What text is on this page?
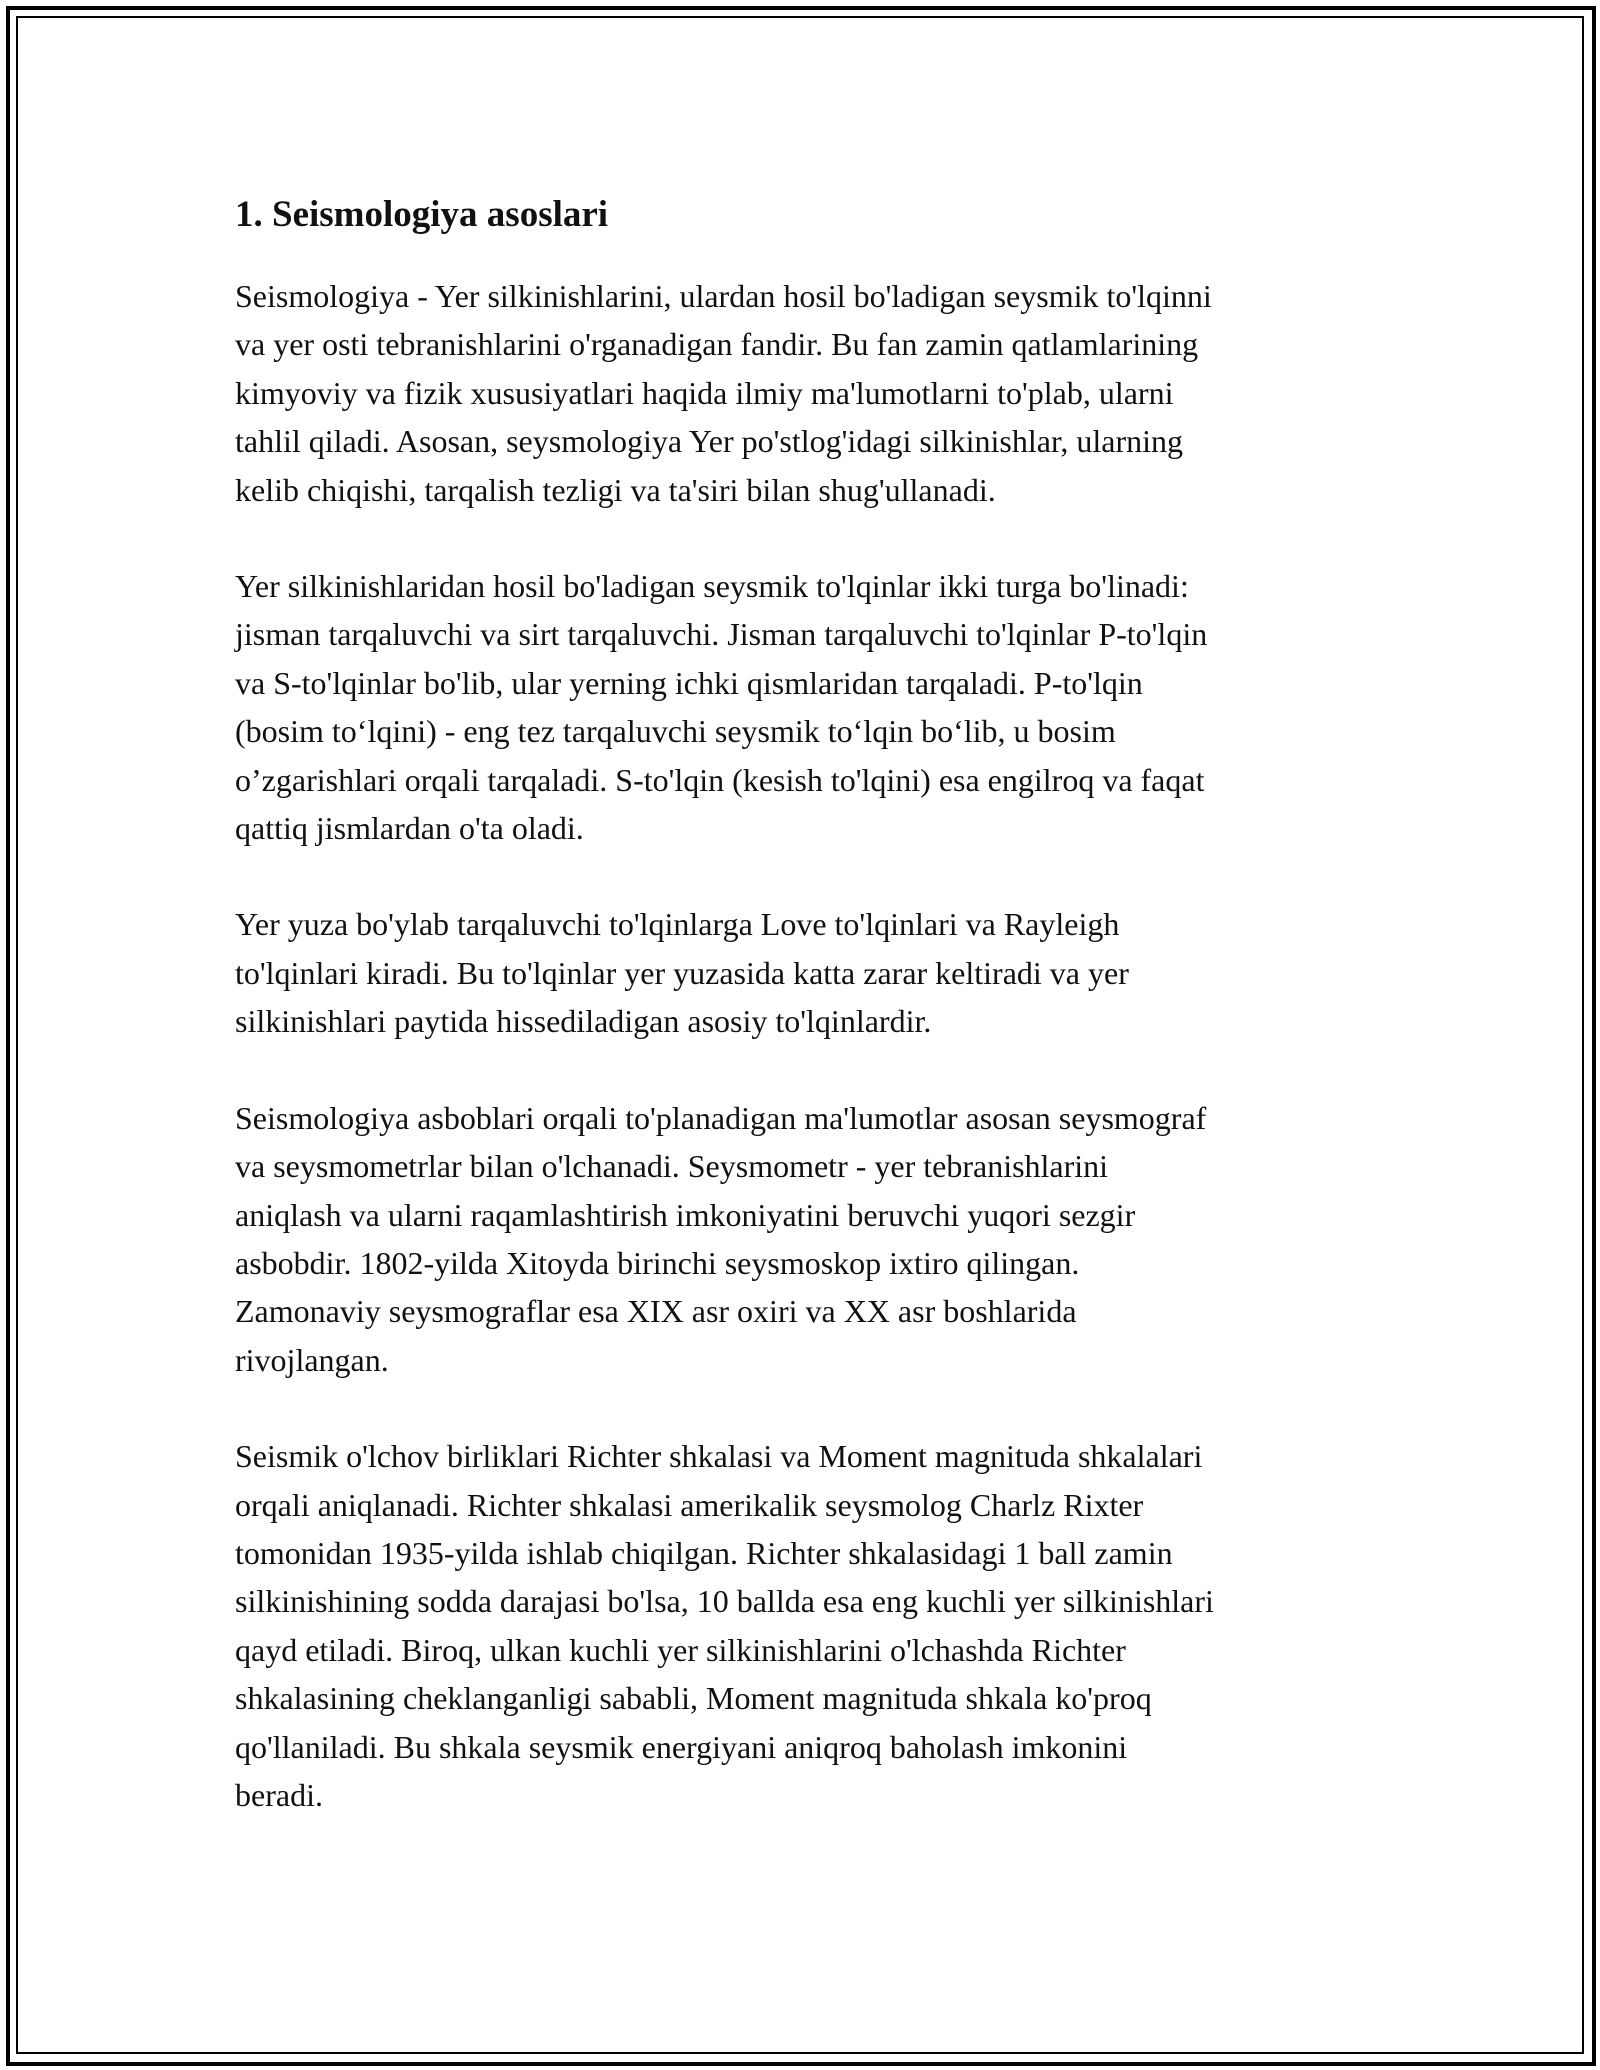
1. Seismologiya asoslari

Seismologiya - Yer silkinishlarini, ulardan hosil bo'ladigan seysmik to'lqinni
va yer osti tebranishlarini o'rganadigan fandir. Bu fan zamin qatlamlarining
kimyoviy va fizik xususiyatlari haqida ilmiy ma'lumotlarni to'plab, ularni
tahlil qiladi. Asosan, seysmologiya Yer po'stlog'idagi silkinishlar, ularning
kelib chiqishi, tarqalish tezligi va ta'siri bilan shug'ullanadi.

Yer silkinishlaridan hosil bo'ladigan seysmik to'lqinlar ikki turga bo'linadi:
jisman tarqaluvchi va sirt tarqaluvchi. Jisman tarqaluvchi to'lqinlar P-to'lqin
va S-to'lqinlar bo'lib, ular yerning ichki qismlaridan tarqaladi. P-to'lqin
(bosim to‘lqini) - eng tez tarqaluvchi seysmik to‘lqin bo‘lib, u bosim
o’zgarishlari orqali tarqaladi. S-to'lqin (kesish to'lqini) esa engilroq va faqat
qattiq jismlardan o'ta oladi.

Yer yuza bo'ylab tarqaluvchi to'lqinlarga Love to'lqinlari va Rayleigh
to'lqinlari kiradi. Bu to'lqinlar yer yuzasida katta zarar keltiradi va yer
silkinishlari paytida hissediladigan asosiy to'lqinlardir.

Seismologiya asboblari orqali to'planadigan ma'lumotlar asosan seysmograf
va seysmometrlar bilan o'lchanadi. Seysmometr - yer tebranishlarini
aniqlash va ularni raqamlashtirish imkoniyatini beruvchi yuqori sezgir
asbobdir. 1802-yilda Xitoyda birinchi seysmoskop ixtiro qilingan.
Zamonaviy seysmograflar esa XIX asr oxiri va XX asr boshlarida
rivojlangan.

Seismik o'lchov birliklari Richter shkalasi va Moment magnituda shkalalari
orqali aniqlanadi. Richter shkalasi amerikalik seysmolog Charlz Rixter
tomonidan 1935-yilda ishlab chiqilgan. Richter shkalasidagi 1 ball zamin
silkinishining sodda darajasi bo'lsa, 10 ballda esa eng kuchli yer silkinishlari
qayd etiladi. Biroq, ulkan kuchli yer silkinishlarini o'lchashda Richter
shkalasining cheklanganligi sababli, Moment magnituda shkala ko'proq
qo'llaniladi. Bu shkala seysmik energiyani aniqroq baholash imkonini
beradi.
